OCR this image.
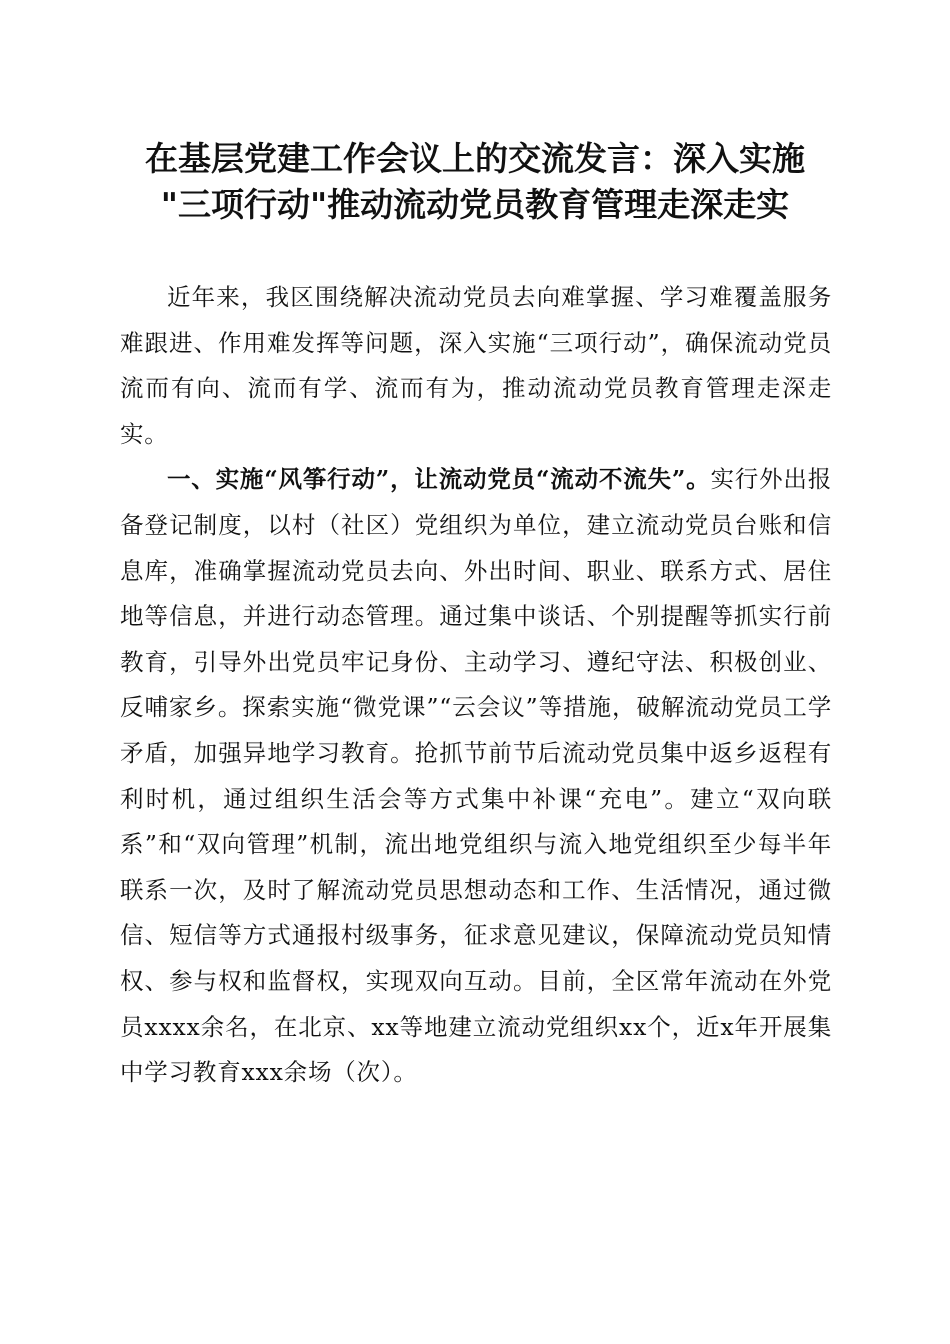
在基层党建工作会议上的交流发言：深入实施
"三项行动"推动流动党员教育管理走深走实

近年来，我区围绕解决流动党员去向难掌握、学习难覆盖服务难跟进、作用难发挥等问题，深入实施“三项行动”，确保流动党员流而有向、流而有学、流而有为，推动流动党员教育管理走深走实。

一、实施“风筝行动”，让流动党员“流动不流失”。实行外出报备登记制度，以村（社区）党组织为单位，建立流动党员台账和信息库，准确掌握流动党员去向、外出时间、职业、联系方式、居住地等信息，并进行动态管理。通过集中谈话、个别提醒等抓实行前教育，引导外出党员牢记身份、主动学习、遵纪守法、积极创业、反哺家乡。探索实施“微党课”“云会议”等措施，破解流动党员工学矛盾，加强异地学习教育。抢抓节前节后流动党员集中返乡返程有利时机，通过组织生活会等方式集中补课“充电”。建立“双向联系”和“双向管理”机制，流出地党组织与流入地党组织至少每半年联系一次，及时了解流动党员思想动态和工作、生活情况，通过微信、短信等方式通报村级事务，征求意见建议，保障流动党员知情权、参与权和监督权，实现双向互动。目前，全区常年流动在外党员xxxx余名，在北京、xx等地建立流动党组织xx个，近x年开展集中学习教育xxx余场（次）。
